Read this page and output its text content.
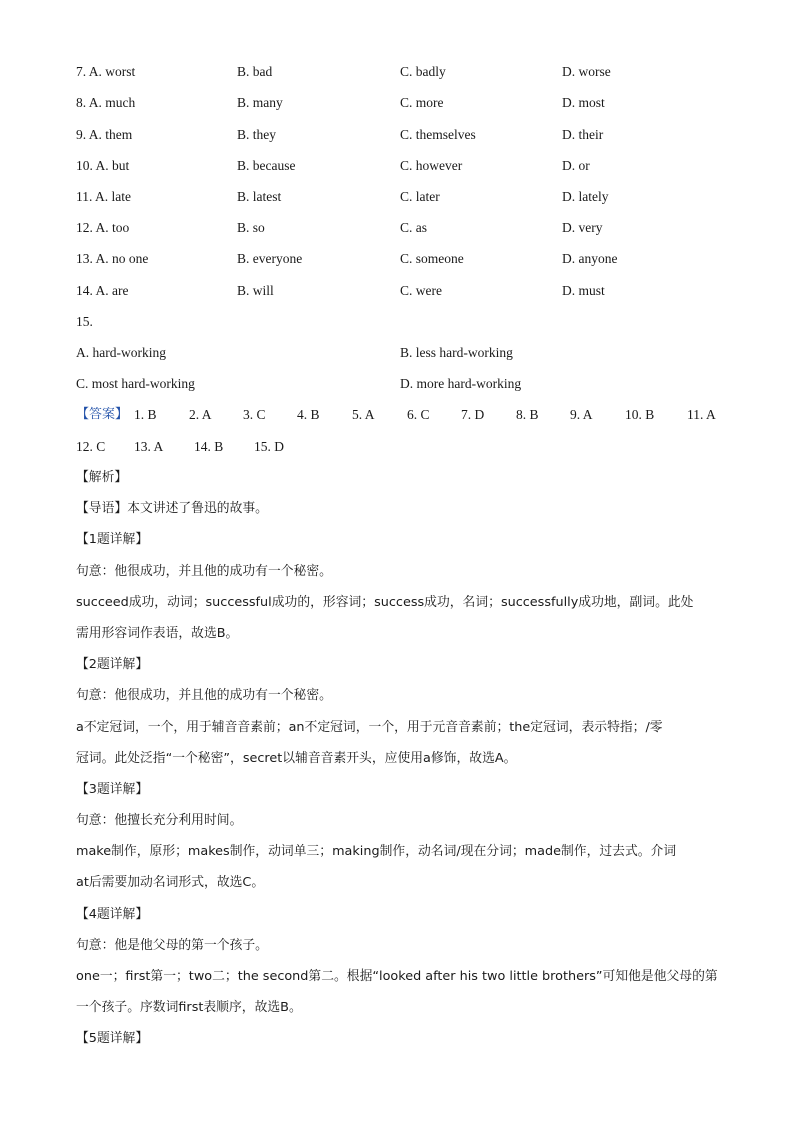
7. A. worst	B. bad	C. badly	D. worse
8. A. much	B. many	C. more	D. most
9. A. them	B. they	C. themselves	D. their
10. A. but	B. because	C. however	D. or
11. A. late	B. latest	C. later	D. lately
12. A. too	B. so	C. as	D. very
13. A. no one	B. everyone	C. someone	D. anyone
14. A. are	B. will	C. were	D. must
15.
A. hard-working	B. less hard-working
C. most hard-working	D. more hard-working
【答案】 1. B 2. A 3. C 4. B 5. A 6. C 7. D 8. B 9. A 10. B 11. A
12. C 13. A 14. B 15. D
【解析】
【导语】本文讲述了鲁迅的故事。
【1题详解】
句意：他很成功，并且他的成功有一个秘密。
succeed成功，动词；successful成功的，形容词；success成功，名词；successfully成功地，副词。此处
需用形容词作表语，故选B。
【2题详解】
句意：他很成功，并且他的成功有一个秘密。
a不定冠词，一个，用于辅音音素前；an不定冠词，一个，用于元音音素前；the定冠词，表示特指；/零
冠词。此处泛指“一个秘密”，secret以辅音音素开头，应使用a修饰，故选A。
【3题详解】
句意：他擅长充分利用时间。
make制作，原形；makes制作，动词单三；making制作，动名词/现在分词；made制作，过去式。介词
at后需要加动名词形式，故选C。
【4题详解】
句意：他是他父母的第一个孩子。
one一；first第一；two二；the second第二。根据“looked after his two little brothers”可知他是他父母的第
一个孩子。序数词first表顺序，故选B。
【5题详解】
